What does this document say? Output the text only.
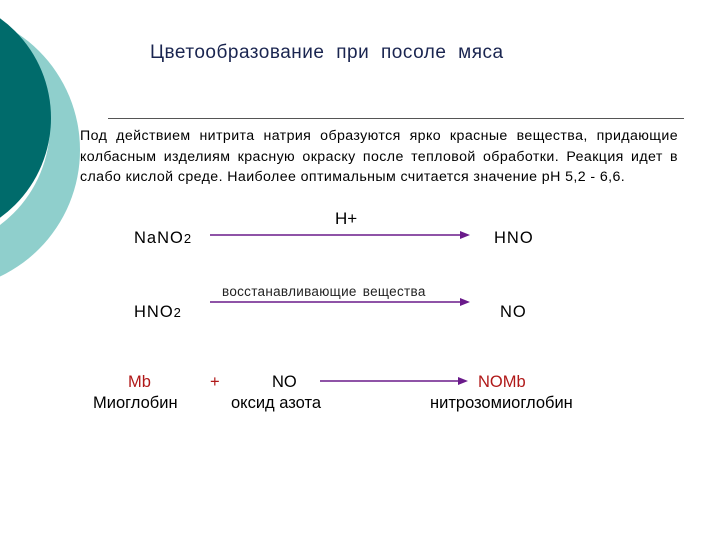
Цветообразование при посоле мяса
Под действием нитрита натрия образуются ярко красные вещества, придающие колбасным изделиям красную окраску после тепловой обработки. Реакция идет в слабо кислой среде. Наиболее оптимальным считается значение рН 5,2 - 6,6.
NaNO2
H+
HNO
восстанавливающие вещества
HNO2	NO
Mb
Миоглобин
+	NO
оксид азота
NOMb
нитрозомиоглобин
